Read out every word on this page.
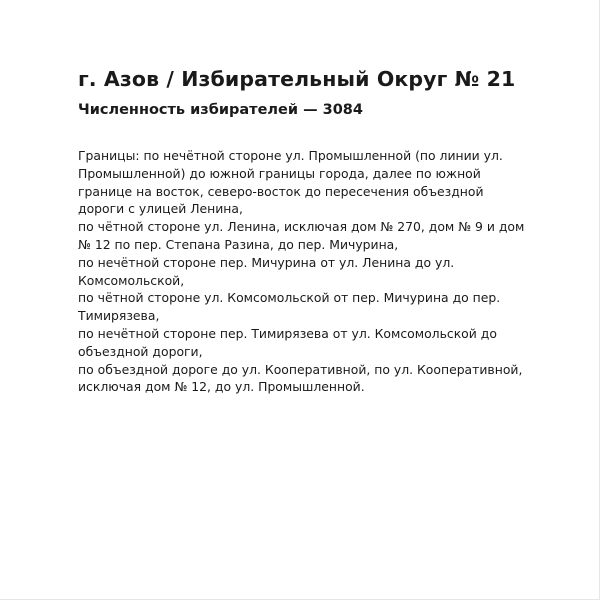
г. Азов / Избирательный Округ № 21
Численность избирателей — 3084
Границы: по нечётной стороне ул. Промышленной (по линии ул.
Промышленной) до южной границы города, далее по южной
границе на восток, северо-восток до пересечения объездной
дороги с улицей Ленина,
по чётной стороне ул. Ленина, исключая дом № 270, дом № 9 и дом
№ 12 по пер. Степана Разина, до пер. Мичурина,
по нечётной стороне пер. Мичурина от ул. Ленина до ул.
Комсомольской,
по чётной стороне ул. Комсомольской от пер. Мичурина до пер.
Тимирязева,
по нечётной стороне пер. Тимирязева от ул. Комсомольской до
объездной дороги,
по объездной дороге до ул. Кооперативной, по ул. Кооперативной,
исключая дом № 12, до ул. Промышленной.
